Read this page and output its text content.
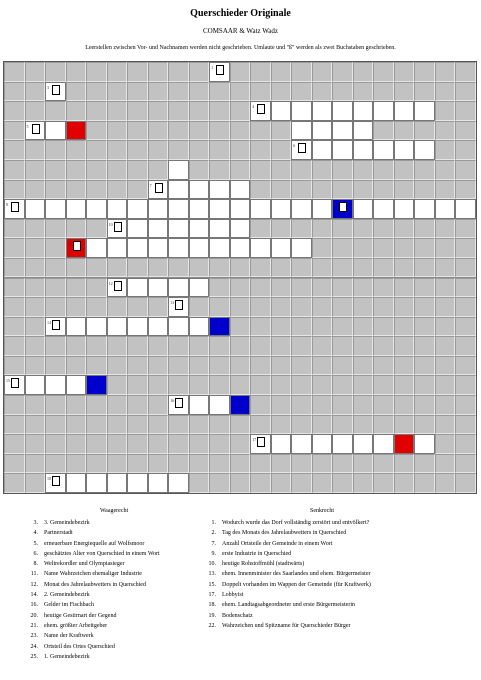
Querschieder Originale
COMSAAR & Watz Wadz
Leerstellen zwischen Vor- und Nachnamen werden nicht geschrieben. Umlaute und "ß" werden als zwei Buchstaben geschrieben.
1
3
4
5
6
7
8	9
10
11
12
13
14
15
16
17
18
Waagerecht	Senkrecht
3. 3. Gemeindebezirk
4. Partnerstadt
5. erneuerbare Energiequelle auf Wolfsmoor
6. geschätztes Alter von Querschied in einem Wort
8. Weltrekordler und Olympiasieger
11. Name Wahrzeichen ehemaliger Industrie
12. Monat des Jahrelaubwetters in Querschied
14. 2. Gemeindebezirk
16. Gelder im Fischbach
20. heutige Gestirnart der Gegend
21. ehem. größter Arbeitgeber
23. Name der Kraftwerk
24. Ortsteil des Ortes Querschied
25. 1. Gemeindebezirk
1. Wodurch wurde das Dorf vollständig zerstört und entvölkert?
2. Tag des Monats des Jahrelaubwetters in Querschied
7. Anzahl Ortsteile der Gemeinde in einem Wort
9. erste Industrie in Querschied
10. heutige Rohstoffmühl (stadtwärts)
13. ehem. Innenminister des Saarlandes und ehem. Bürgermeister
15. Doppelt vorhanden im Wappen der Gemeinde (für Kraftwerk)
17. Lobbyist
18. ehem. Landtagsabgeordneter und erste Bürgermeisterin
19. Bodenschatz
22. Wahrzeichen und Spitzname für Querschieder Bürger
